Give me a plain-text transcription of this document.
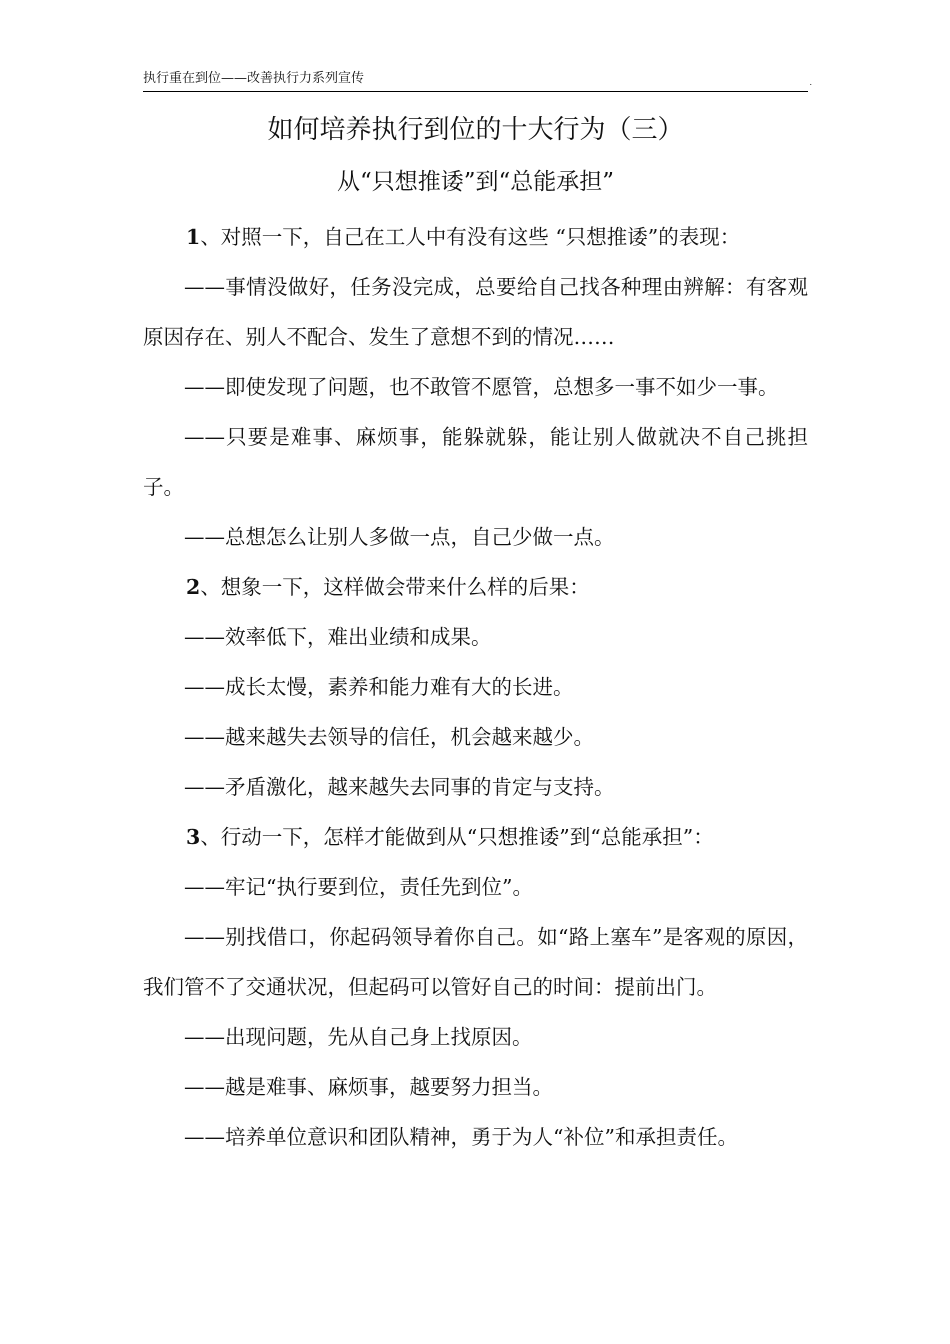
执行重在到位——改善执行力系列宣传	.
如何培养执行到位的十大行为（三）
从“只想推诿”到“总能承担”

1、对照一下，自己在工人中有没有这些 “只想推诿”的表现：

——事情没做好，任务没完成，总要给自己找各种理由辨解：有客观原因存在、别人不配合、发生了意想不到的情况……

——即使发现了问题，也不敢管不愿管，总想多一事不如少一事。

——只要是难事、麻烦事，能躲就躲，能让别人做就决不自己挑担子。

——总想怎么让别人多做一点，自己少做一点。

2、想象一下，这样做会带来什么样的后果：

——效率低下，难出业绩和成果。

——成长太慢，素养和能力难有大的长进。

——越来越失去领导的信任，机会越来越少。

——矛盾激化，越来越失去同事的肯定与支持。

3、行动一下，怎样才能做到从“只想推诿”到“总能承担”：

——牢记“执行要到位，责任先到位”。

——别找借口，你起码领导着你自己。如“路上塞车”是客观的原因，我们管不了交通状况，但起码可以管好自己的时间：提前出门。

——出现问题，先从自己身上找原因。

——越是难事、麻烦事，越要努力担当。

——培养单位意识和团队精神，勇于为人“补位”和承担责任。
